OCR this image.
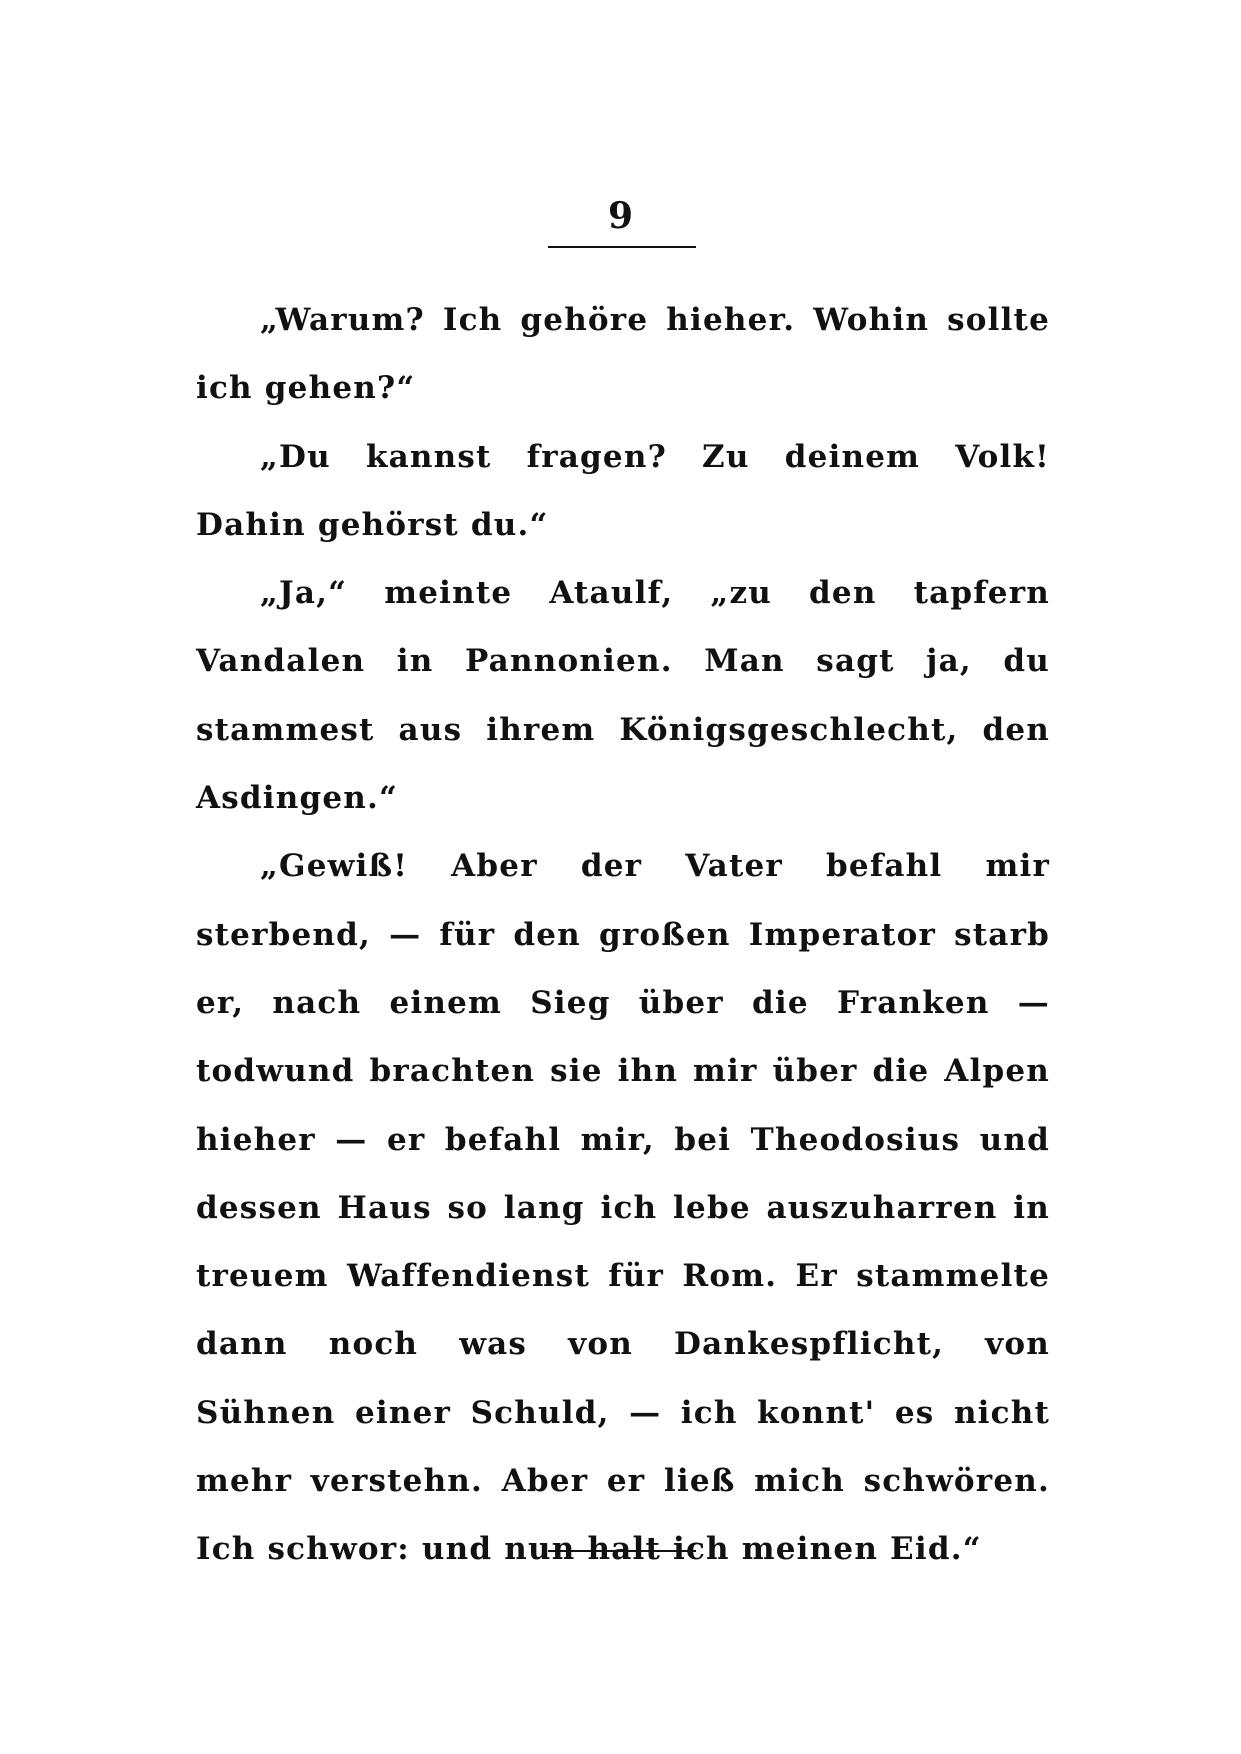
9

„Warum? Ich gehöre hieher. Wohin sollte ich gehen?“

„Du kannst fragen? Zu deinem Volk! Dahin gehörst du.“

„Ja,“ meinte Ataulf, „zu den tapfern Vandalen in Pannonien. Man sagt ja, du stammest aus ihrem Königsgeschlecht, den Asdingen.“

„Gewiß! Aber der Vater befahl mir sterbend, — für den großen Imperator starb er, nach einem Sieg über die Franken — todwund brachten sie ihn mir über die Alpen hieher — er befahl mir, bei Theodosius und dessen Haus so lang ich lebe auszuharren in treuem Waffendienst für Rom. Er stammelte dann noch was von Dankespflicht, von Sühnen einer Schuld, — ich konnt' es nicht mehr verstehn. Aber er ließ mich schwören. Ich schwor: und nun halt ich meinen Eid.“
